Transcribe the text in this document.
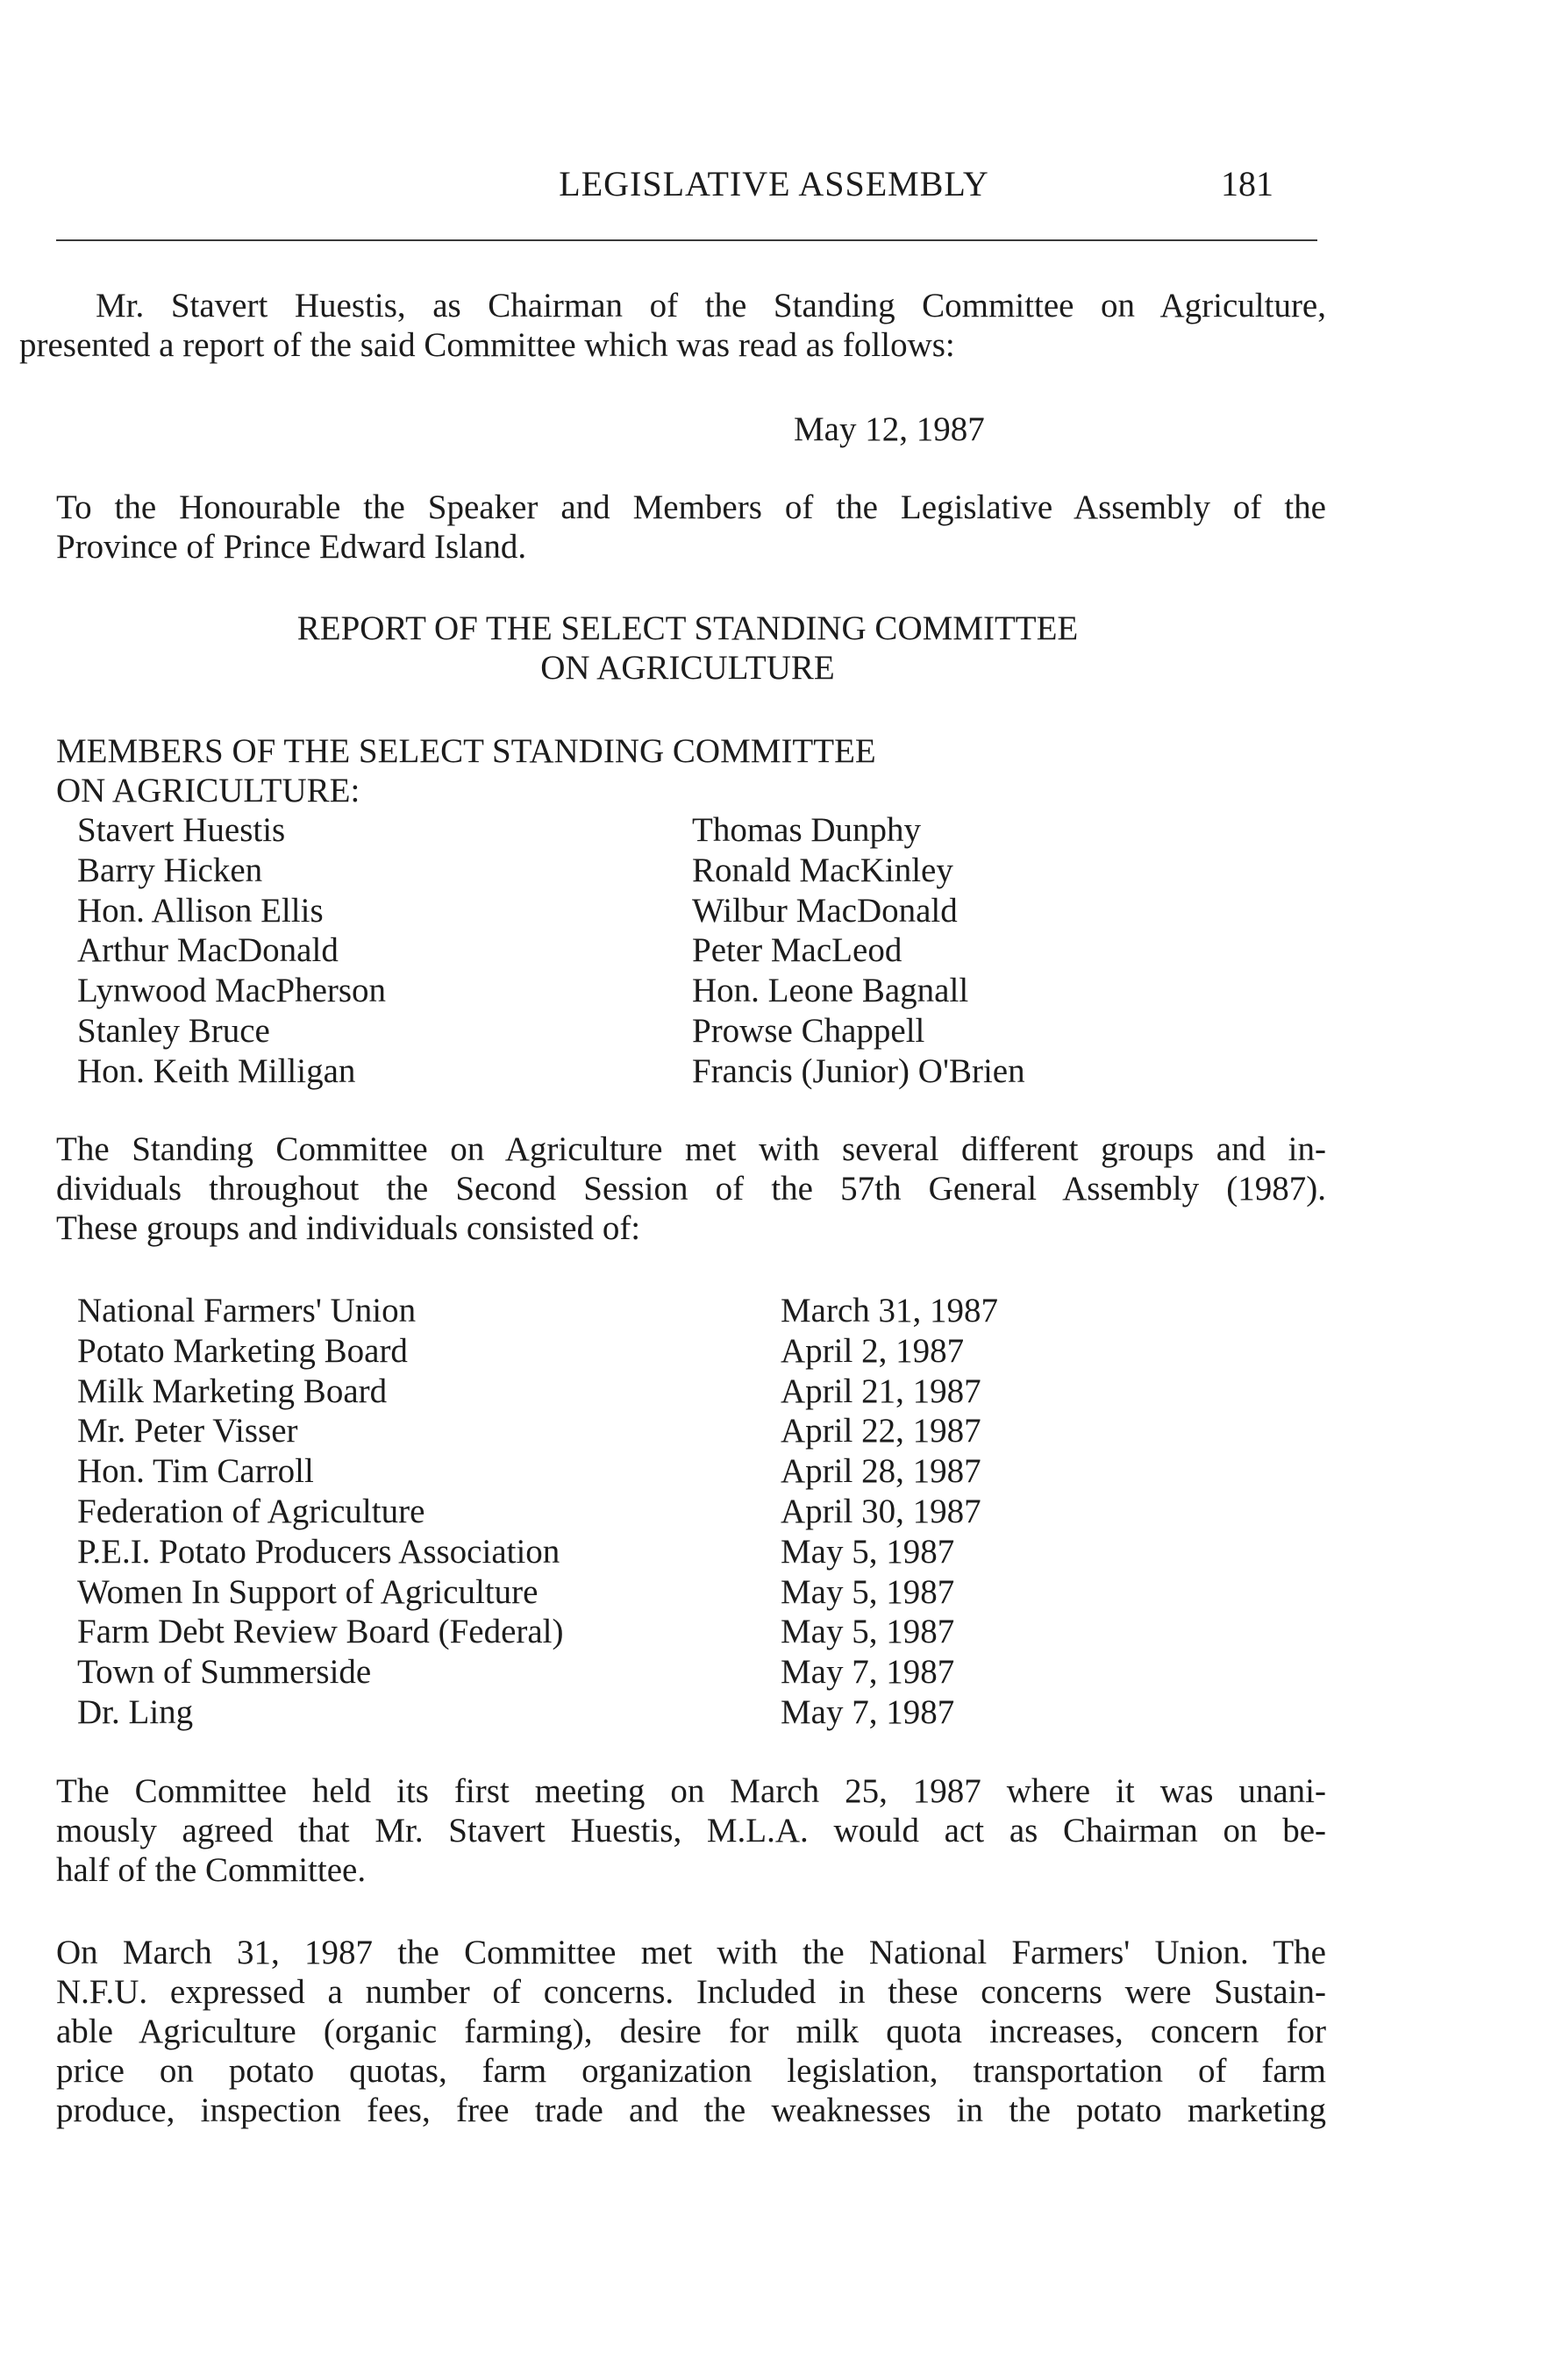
LEGISLATIVE ASSEMBLY	181
Mr. Stavert Huestis, as Chairman of the Standing Committee on Agriculture,
presented a report of the said Committee which was read as follows:
May 12, 1987
To the Honourable the Speaker and Members of the Legislative Assembly of the
Province of Prince Edward Island.
REPORT OF THE SELECT STANDING COMMITTEE
ON AGRICULTURE
MEMBERS OF THE SELECT STANDING COMMITTEE
ON AGRICULTURE:
Stavert Huestis
Barry Hicken
Hon. Allison Ellis
Arthur MacDonald
Lynwood MacPherson
Stanley Bruce
Hon. Keith Milligan
Thomas Dunphy
Ronald MacKinley
Wilbur MacDonald
Peter MacLeod
Hon. Leone Bagnall
Prowse Chappell
Francis (Junior) O'Brien
The Standing Committee on Agriculture met with several different groups and in-
dividuals throughout the Second Session of the 57th General Assembly (1987).
These groups and individuals consisted of:
National Farmers' Union
Potato Marketing Board
Milk Marketing Board
Mr. Peter Visser
Hon. Tim Carroll
Federation of Agriculture
P.E.I. Potato Producers Association
Women In Support of Agriculture
Farm Debt Review Board (Federal)
Town of Summerside
Dr. Ling
March 31, 1987
April 2, 1987
April 21, 1987
April 22, 1987
April 28, 1987
April 30, 1987
May 5, 1987
May 5, 1987
May 5, 1987
May 7, 1987
May 7, 1987
The Committee held its first meeting on March 25, 1987 where it was unani-
mously agreed that Mr. Stavert Huestis, M.L.A. would act as Chairman on be-
half of the Committee.
On March 31, 1987 the Committee met with the National Farmers' Union. The
N.F.U. expressed a number of concerns. Included in these concerns were Sustain-
able Agriculture (organic farming), desire for milk quota increases, concern for
price on potato quotas, farm organization legislation, transportation of farm
produce, inspection fees, free trade and the weaknesses in the potato marketing
